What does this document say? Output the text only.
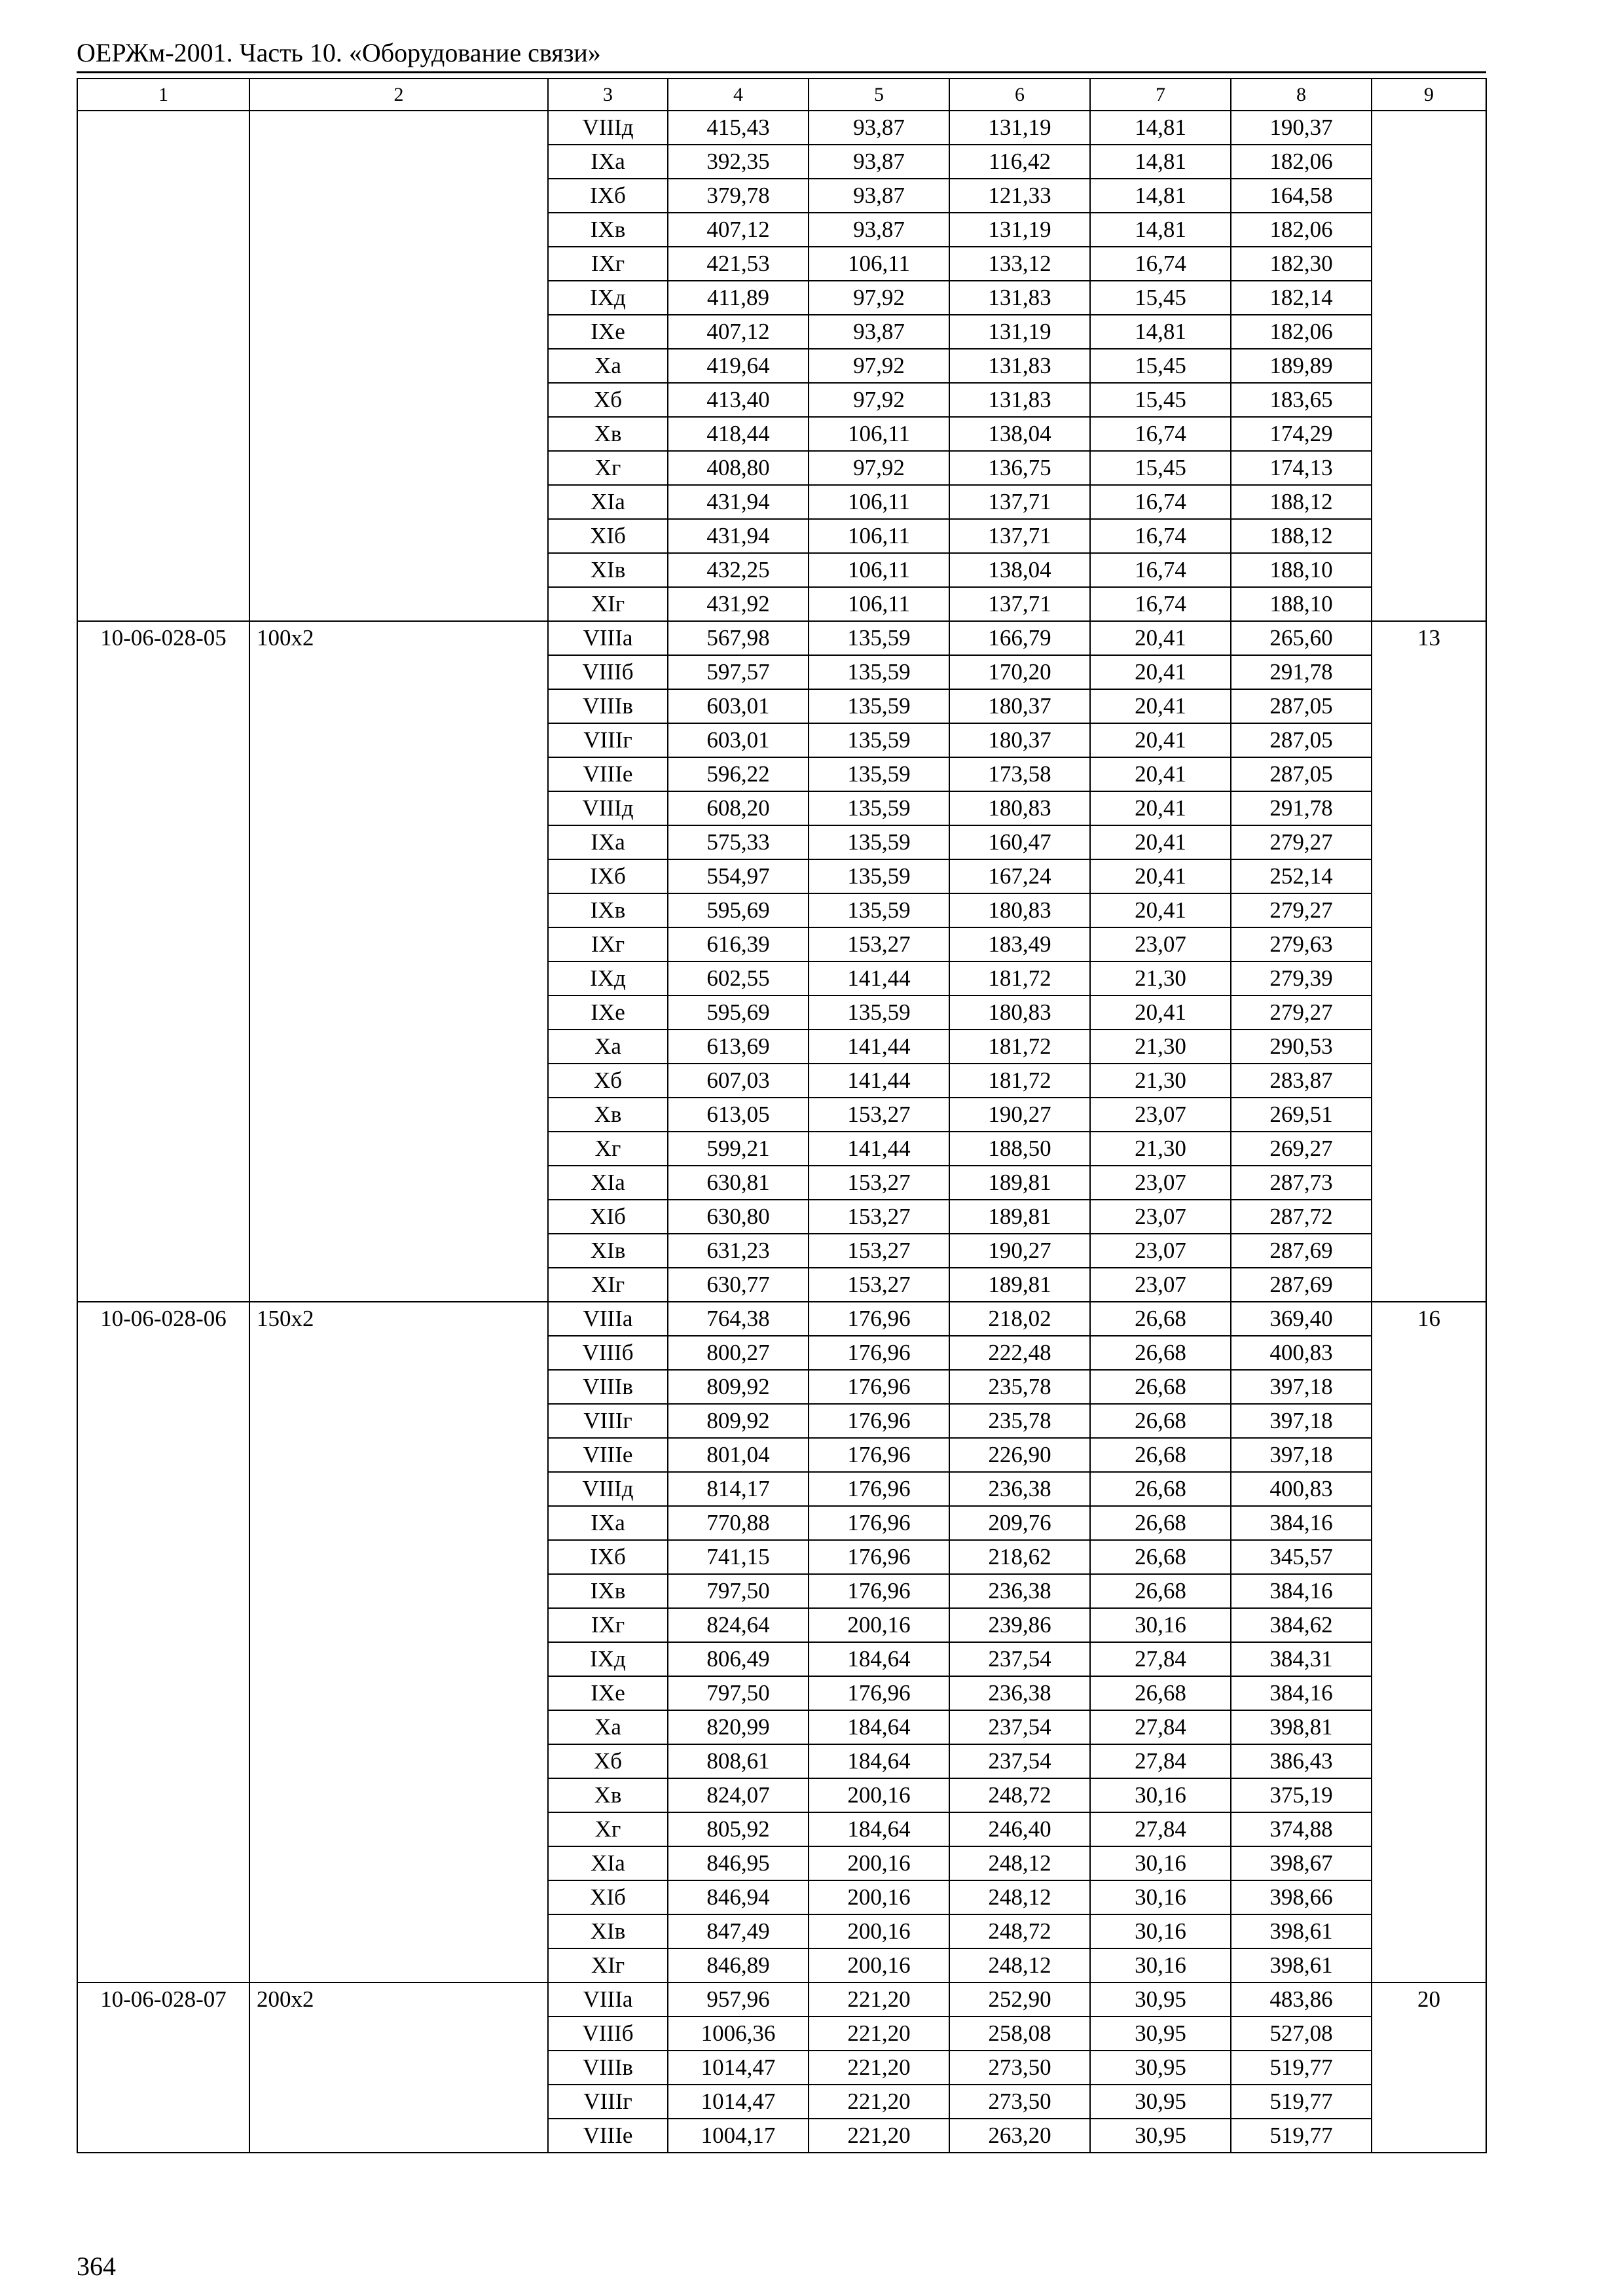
ОЕРЖм-2001. Часть 10. «Оборудование связи»
1	2	3	4	5	6	7	8	9
		VIIIд	415,43	93,87	131,19	14,81	190,37	
		IXа	392,35	93,87	116,42	14,81	182,06	
		IXб	379,78	93,87	121,33	14,81	164,58	
		IXв	407,12	93,87	131,19	14,81	182,06	
		IXг	421,53	106,11	133,12	16,74	182,30	
		IXд	411,89	97,92	131,83	15,45	182,14	
		IXе	407,12	93,87	131,19	14,81	182,06	
		Xа	419,64	97,92	131,83	15,45	189,89	
		Xб	413,40	97,92	131,83	15,45	183,65	
		Xв	418,44	106,11	138,04	16,74	174,29	
		Xг	408,80	97,92	136,75	15,45	174,13	
		XIа	431,94	106,11	137,71	16,74	188,12	
		XIб	431,94	106,11	137,71	16,74	188,12	
		XIв	432,25	106,11	138,04	16,74	188,10	
		XIг	431,92	106,11	137,71	16,74	188,10	
10-06-028-05	100х2	VIIIа	567,98	135,59	166,79	20,41	265,60	13
		VIIIб	597,57	135,59	170,20	20,41	291,78	
		VIIIв	603,01	135,59	180,37	20,41	287,05	
		VIIIг	603,01	135,59	180,37	20,41	287,05	
		VIIIе	596,22	135,59	173,58	20,41	287,05	
		VIIIд	608,20	135,59	180,83	20,41	291,78	
		IXа	575,33	135,59	160,47	20,41	279,27	
		IXб	554,97	135,59	167,24	20,41	252,14	
		IXв	595,69	135,59	180,83	20,41	279,27	
		IXг	616,39	153,27	183,49	23,07	279,63	
		IXд	602,55	141,44	181,72	21,30	279,39	
		IXе	595,69	135,59	180,83	20,41	279,27	
		Xа	613,69	141,44	181,72	21,30	290,53	
		Xб	607,03	141,44	181,72	21,30	283,87	
		Xв	613,05	153,27	190,27	23,07	269,51	
		Xг	599,21	141,44	188,50	21,30	269,27	
		XIа	630,81	153,27	189,81	23,07	287,73	
		XIб	630,80	153,27	189,81	23,07	287,72	
		XIв	631,23	153,27	190,27	23,07	287,69	
		XIг	630,77	153,27	189,81	23,07	287,69	
10-06-028-06	150х2	VIIIа	764,38	176,96	218,02	26,68	369,40	16
		VIIIб	800,27	176,96	222,48	26,68	400,83	
		VIIIв	809,92	176,96	235,78	26,68	397,18	
		VIIIг	809,92	176,96	235,78	26,68	397,18	
		VIIIе	801,04	176,96	226,90	26,68	397,18	
		VIIIд	814,17	176,96	236,38	26,68	400,83	
		IXа	770,88	176,96	209,76	26,68	384,16	
		IXб	741,15	176,96	218,62	26,68	345,57	
		IXв	797,50	176,96	236,38	26,68	384,16	
		IXг	824,64	200,16	239,86	30,16	384,62	
		IXд	806,49	184,64	237,54	27,84	384,31	
		IXе	797,50	176,96	236,38	26,68	384,16	
		Xа	820,99	184,64	237,54	27,84	398,81	
		Xб	808,61	184,64	237,54	27,84	386,43	
		Xв	824,07	200,16	248,72	30,16	375,19	
		Xг	805,92	184,64	246,40	27,84	374,88	
		XIа	846,95	200,16	248,12	30,16	398,67	
		XIб	846,94	200,16	248,12	30,16	398,66	
		XIв	847,49	200,16	248,72	30,16	398,61	
		XIг	846,89	200,16	248,12	30,16	398,61	
10-06-028-07	200х2	VIIIа	957,96	221,20	252,90	30,95	483,86	20
		VIIIб	1006,36	221,20	258,08	30,95	527,08	
		VIIIв	1014,47	221,20	273,50	30,95	519,77	
		VIIIг	1014,47	221,20	273,50	30,95	519,77	
		VIIIе	1004,17	221,20	263,20	30,95	519,77	
364
